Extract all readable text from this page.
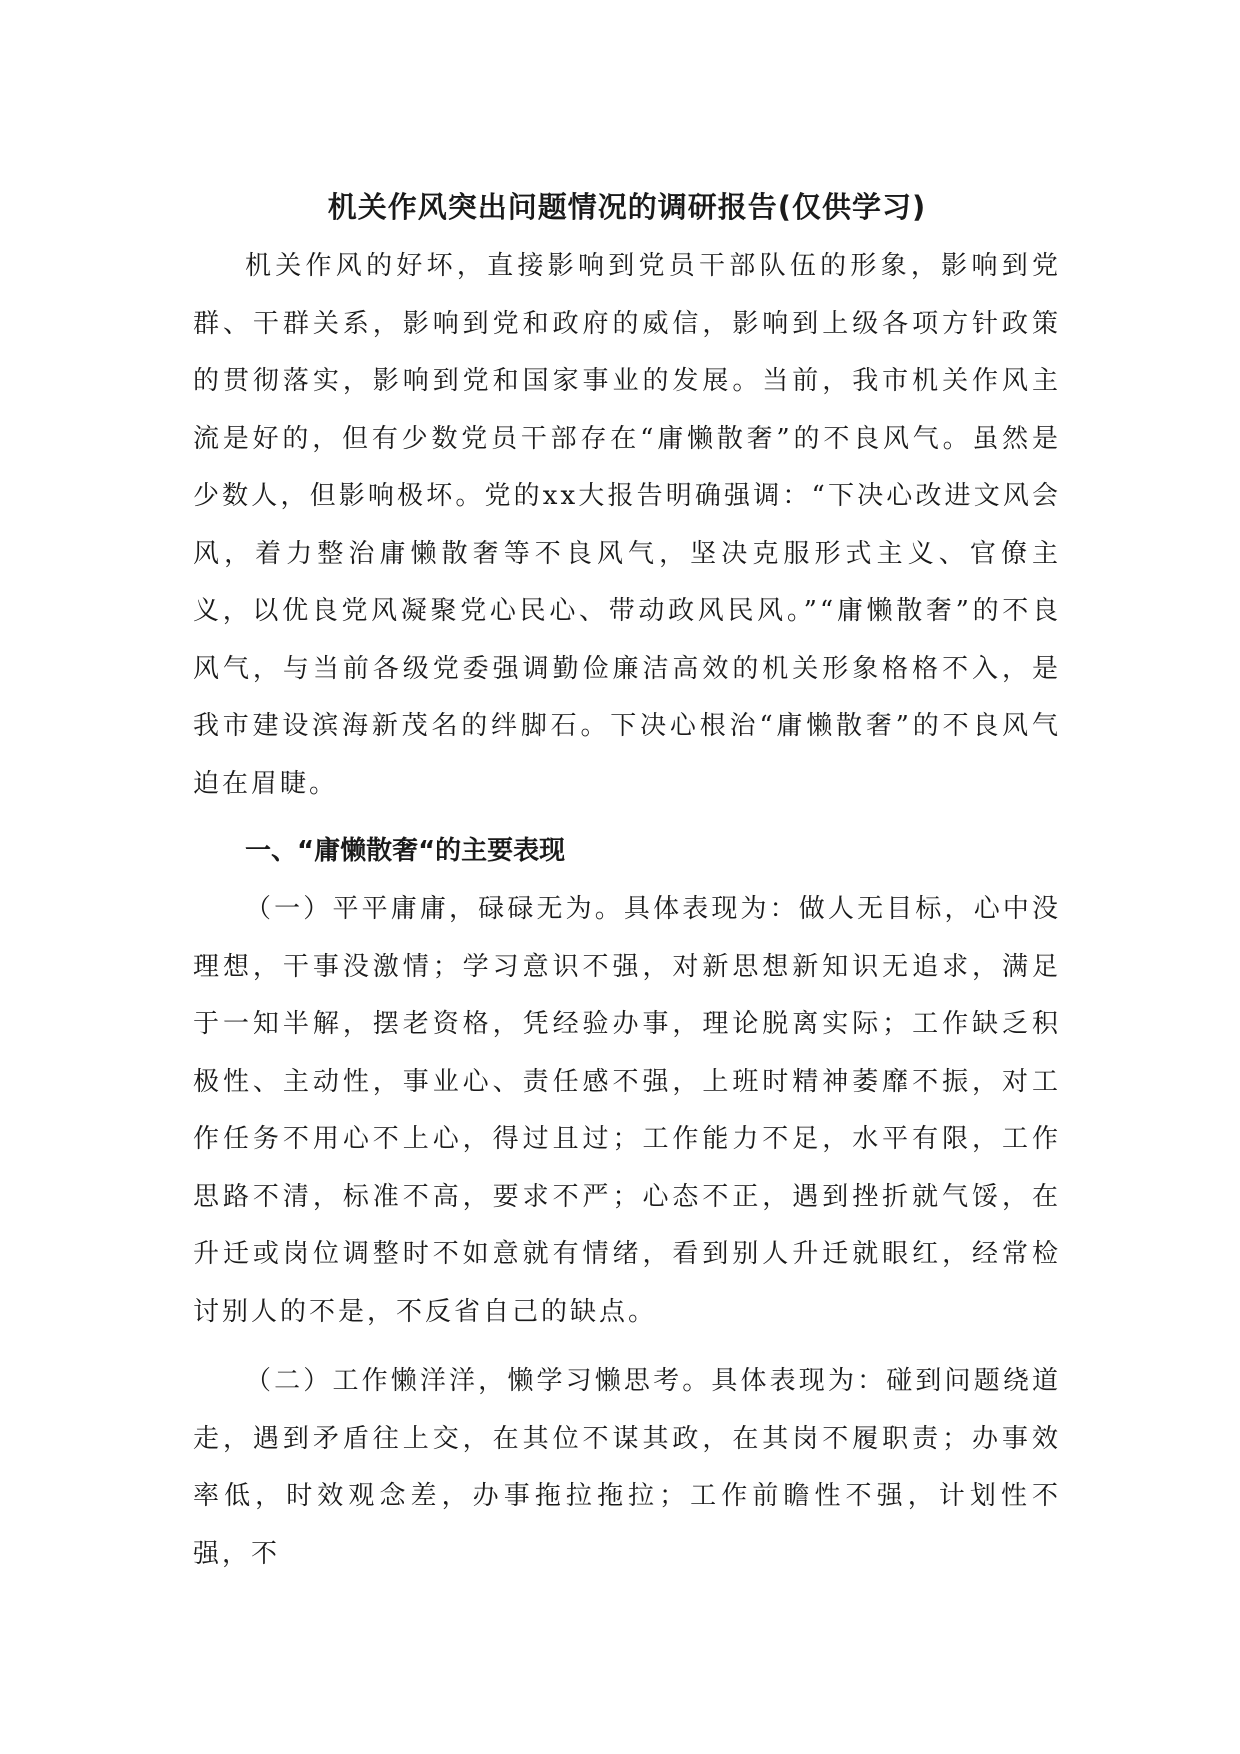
机关作风突出问题情况的调研报告(仅供学习)

机关作风的好坏，直接影响到党员干部队伍的形象，影响到党群、干群关系，影响到党和政府的威信，影响到上级各项方针政策的贯彻落实，影响到党和国家事业的发展。当前，我市机关作风主流是好的，但有少数党员干部存在“庸懒散奢”的不良风气。虽然是少数人，但影响极坏。党的xx大报告明确强调：“下决心改进文风会风，着力整治庸懒散奢等不良风气，坚决克服形式主义、官僚主义，以优良党风凝聚党心民心、带动政风民风。”“庸懒散奢”的不良风气，与当前各级党委强调勤俭廉洁高效的机关形象格格不入，是我市建设滨海新茂名的绊脚石。下决心根治“庸懒散奢”的不良风气迫在眉睫。

一、“庸懒散奢“的主要表现

（一）平平庸庸，碌碌无为。具体表现为：做人无目标，心中没理想，干事没激情；学习意识不强，对新思想新知识无追求，满足于一知半解，摆老资格，凭经验办事，理论脱离实际；工作缺乏积极性、主动性，事业心、责任感不强，上班时精神萎靡不振，对工作任务不用心不上心，得过且过；工作能力不足，水平有限，工作思路不清，标准不高，要求不严；心态不正，遇到挫折就气馁，在升迁或岗位调整时不如意就有情绪，看到别人升迁就眼红，经常检讨别人的不是，不反省自己的缺点。

（二）工作懒洋洋，懒学习懒思考。具体表现为：碰到问题绕道走，遇到矛盾往上交，在其位不谋其政，在其岗不履职责；办事效率低，时效观念差，办事拖拉拖拉；工作前瞻性不强，计划性不强，不
